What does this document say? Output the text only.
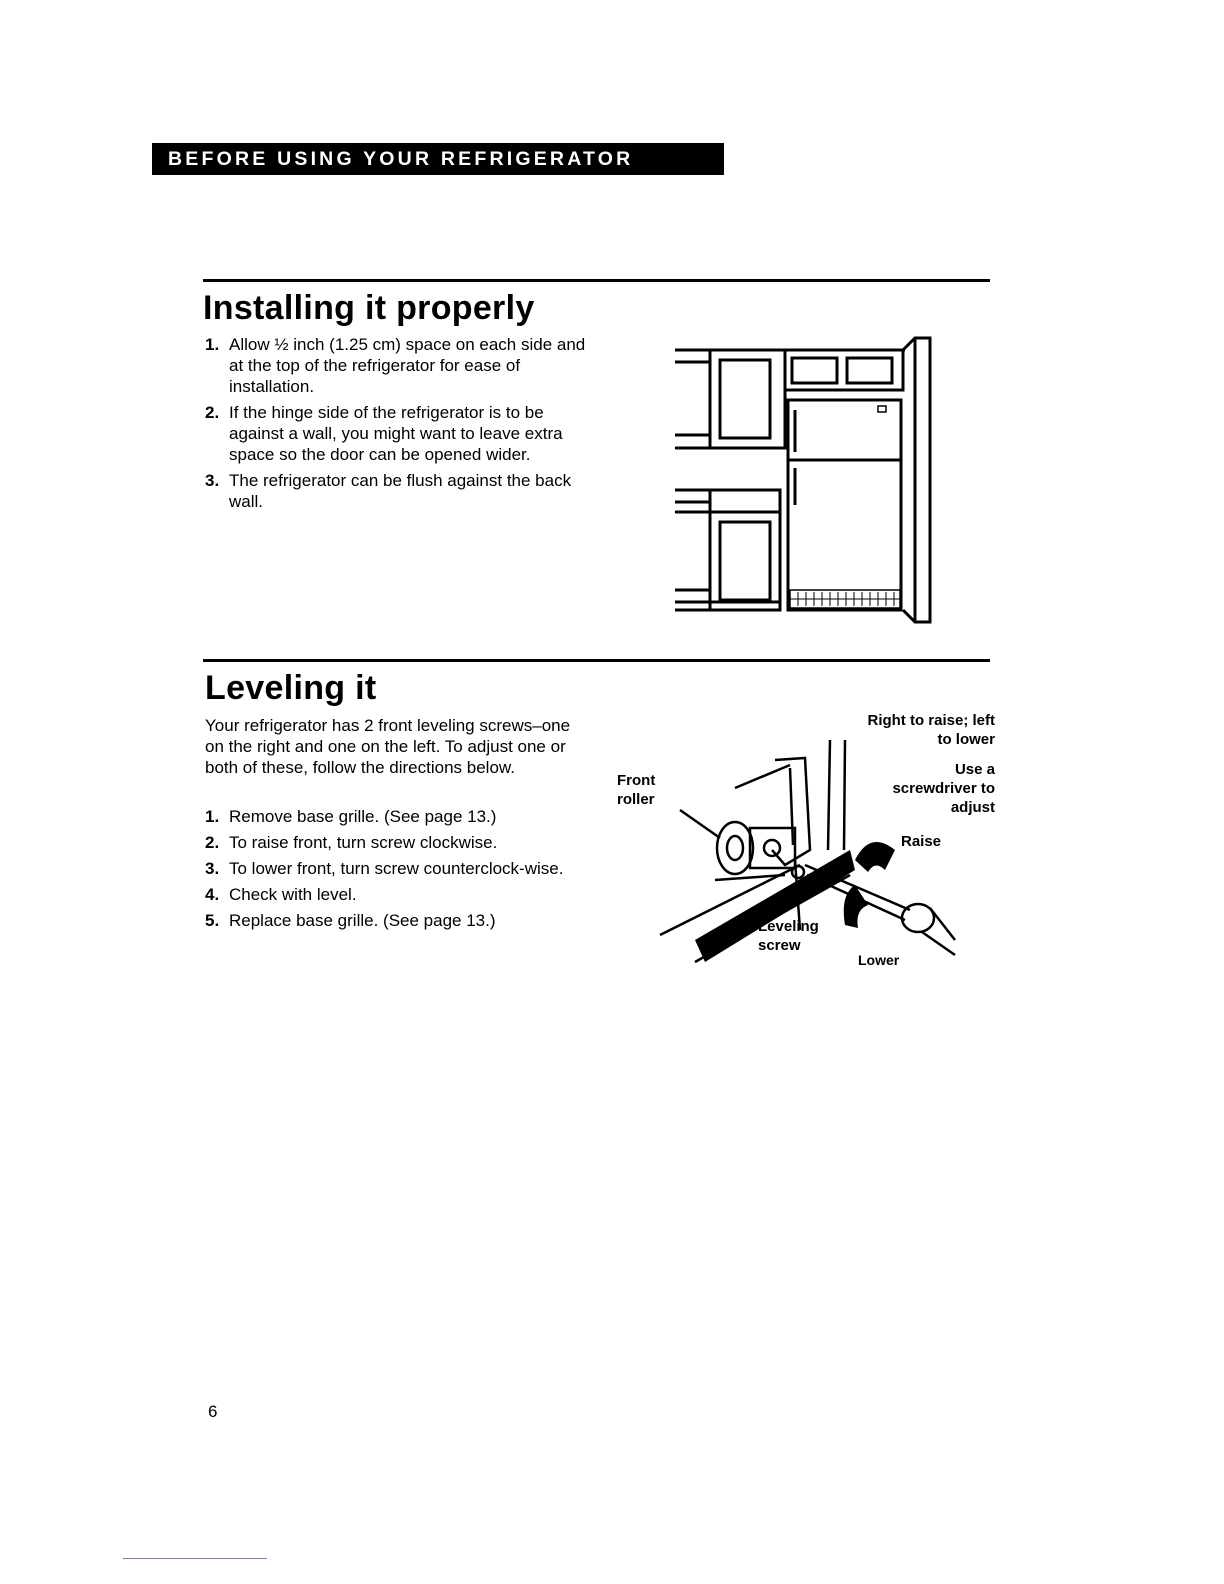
BEFORE USING YOUR REFRIGERATOR
Installing it properly
1. Allow ½ inch (1.25 cm) space on each side and at the top of the refrigerator for ease of installation.
2. If the hinge side of the refrigerator is to be against a wall, you might want to leave extra space so the door can be opened wider.
3. The refrigerator can be flush against the back wall.
Leveling it

Your refrigerator has 2 front leveling screws–one on the right and one on the left. To adjust one or both of these, follow the directions below.

1. Remove base grille. (See page 13.)
2. To raise front, turn screw clockwise.
3. To lower front, turn screw counterclock-wise.
4. Check with level.
5. Replace base grille. (See page 13.)
Front roller
Right to raise; left to lower
Use a screwdriver to adjust
Raise
Leveling screw
Lower
6
